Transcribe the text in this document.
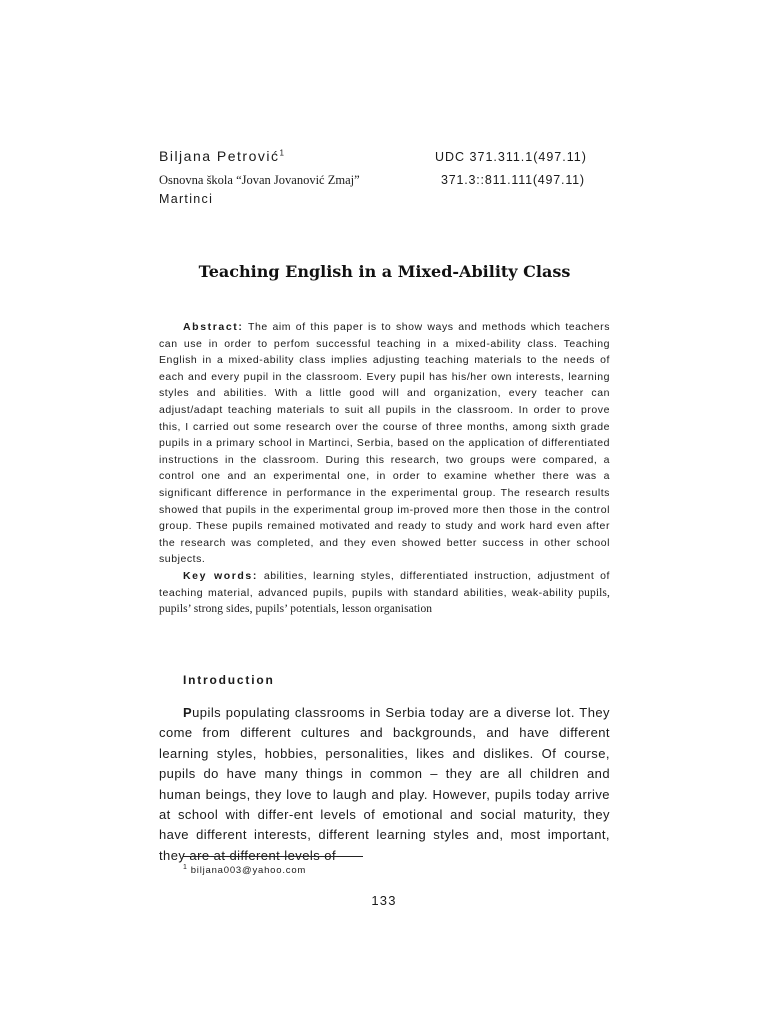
Biljana Petrović$^1$
Osnovna škola “Jovan Jovanović Zmaj”
Martinci
UDC 371.311.1(497.11)
371.3::811.111(497.11)
Teaching English in a Mixed-Ability Class

Abstract: The aim of this paper is to show ways and methods which teachers can use in order to perfom successful teaching in a mixed-ability class. Teaching English in a mixed-ability class implies adjusting teaching materials to the needs of each and every pupil in the classroom. Every pupil has his/her own interests, learning styles and abilities. With a little good will and organization, every teacher can adjust/adapt teaching materials to suit all pupils in the classroom. In order to prove this, I carried out some research over the course of three months, among sixth grade pupils in a primary school in Martinci, Serbia, based on the application of differentiated instructions in the classroom. During this research, two groups were compared, a control one and an experimental one, in order to examine whether there was a significant difference in performance in the experimental group. The research results showed that pupils in the experimental group im-proved more then those in the control group. These pupils remained motivated and ready to study and work hard even after the research was completed, and they even showed better success in other school subjects.

Key words: abilities, learning styles, differentiated instruction, adjustment of teaching material, advanced pupils, pupils with standard abilities, weak-ability pupils, pupils’ strong sides, pupils’ potentials, lesson organisation

Introduction

Pupils populating classrooms in Serbia today are a diverse lot. They come from different cultures and backgrounds, and have different learning styles, hobbies, personalities, likes and dislikes. Of course, pupils do have many things in common – they are all children and human beings, they love to laugh and play. However, pupils today arrive at school with differ-ent levels of emotional and social maturity, they have different interests, different learning styles and, most important, they are at different levels of

$^1$ biljana003@yahoo.com
133
